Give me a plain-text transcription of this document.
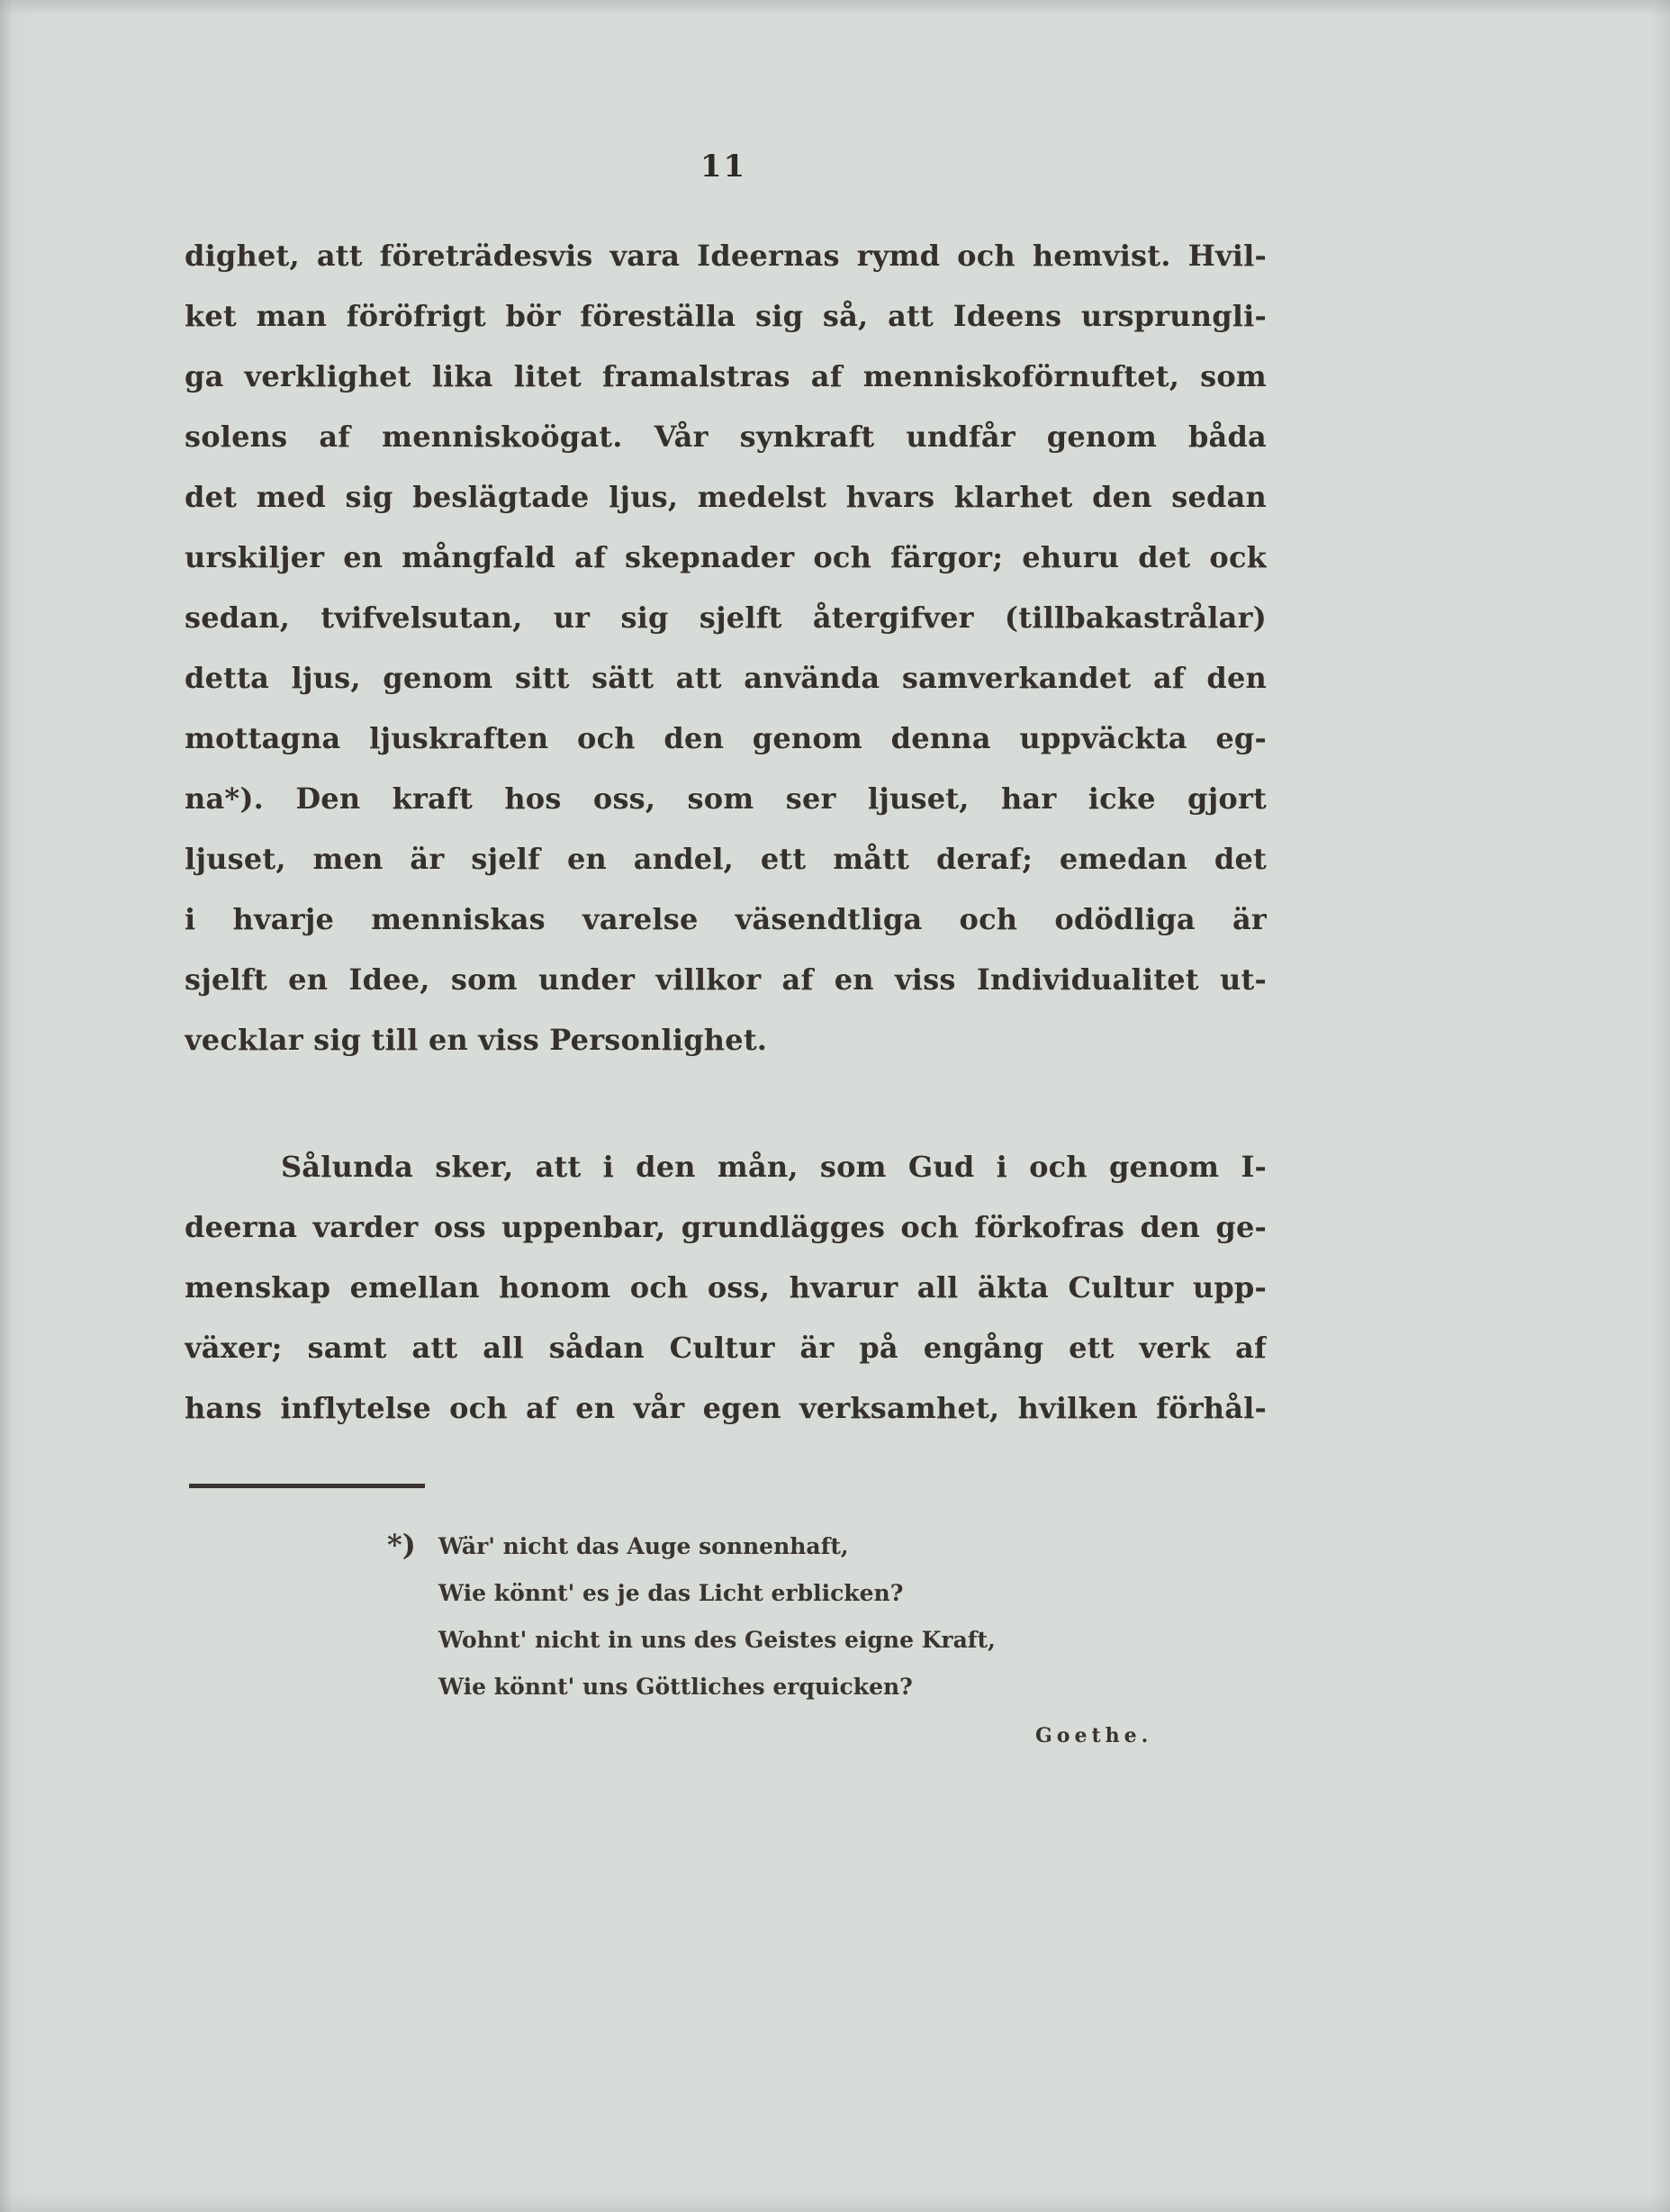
11
dighet, att företrädesvis vara Ideernas rymd och hemvist. Hvil-
ket man föröfrigt bör föreställa sig så, att Ideens ursprungli-
ga verklighet lika litet framalstras af menniskoförnuftet, som
solens af menniskoögat. Vår synkraft undfår genom båda
det med sig beslägtade ljus, medelst hvars klarhet den sedan
urskiljer en mångfald af skepnader och färgor; ehuru det ock
sedan, tvifvelsutan, ur sig sjelft återgifver (tillbakastrålar)
detta ljus, genom sitt sätt att använda samverkandet af den
mottagna ljuskraften och den genom denna uppväckta eg-
na*). Den kraft hos oss, som ser ljuset, har icke gjort
ljuset, men är sjelf en andel, ett mått deraf; emedan det
i hvarje menniskas varelse väsendtliga och odödliga är
sjelft en Idee, som under villkor af en viss Individualitet ut-
vecklar sig till en viss Personlighet.
Sålunda sker, att i den mån, som Gud i och genom I-
deerna varder oss uppenbar, grundlägges och förkofras den ge-
menskap emellan honom och oss, hvarur all äkta Cultur upp-
växer; samt att all sådan Cultur är på engång ett verk af
hans inflytelse och af en vår egen verksamhet, hvilken förhål-
*) Wär' nicht das Auge sonnenhaft,
Wie könnt' es je das Licht erblicken?
Wohnt' nicht in uns des Geistes eigne Kraft,
Wie könnt' uns Göttliches erquicken?
Goethe.
